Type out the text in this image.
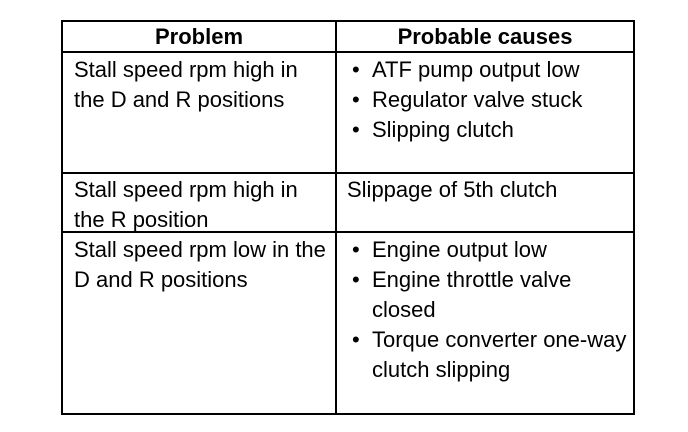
Problem	Probable causes
Stall speed rpm high in the D and R positions
• ATF pump output low
• Regulator valve stuck
• Slipping clutch
Stall speed rpm high in the R position
Slippage of 5th clutch
Stall speed rpm low in the D and R positions
• Engine output low
• Engine throttle valve closed
• Torque converter one-way clutch slipping
